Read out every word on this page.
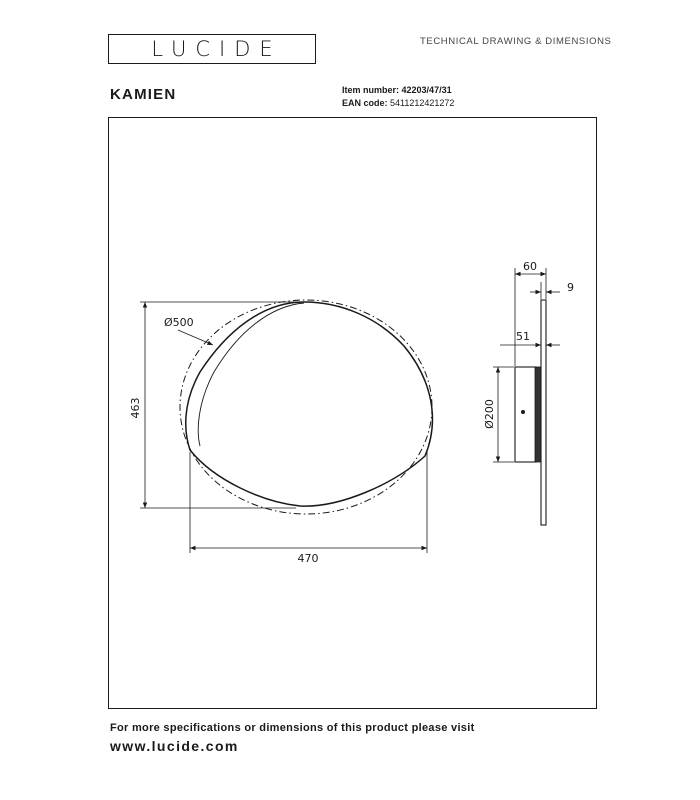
LUCIDE	TECHNICAL DRAWING & DIMENSIONS
KAMIEN	Item number: 42203/47/31
EAN code: 5411212421272
Ø500
463
470
60
9
51
Ø200
For more specifications or dimensions of this product please visit
www.lucide.com
